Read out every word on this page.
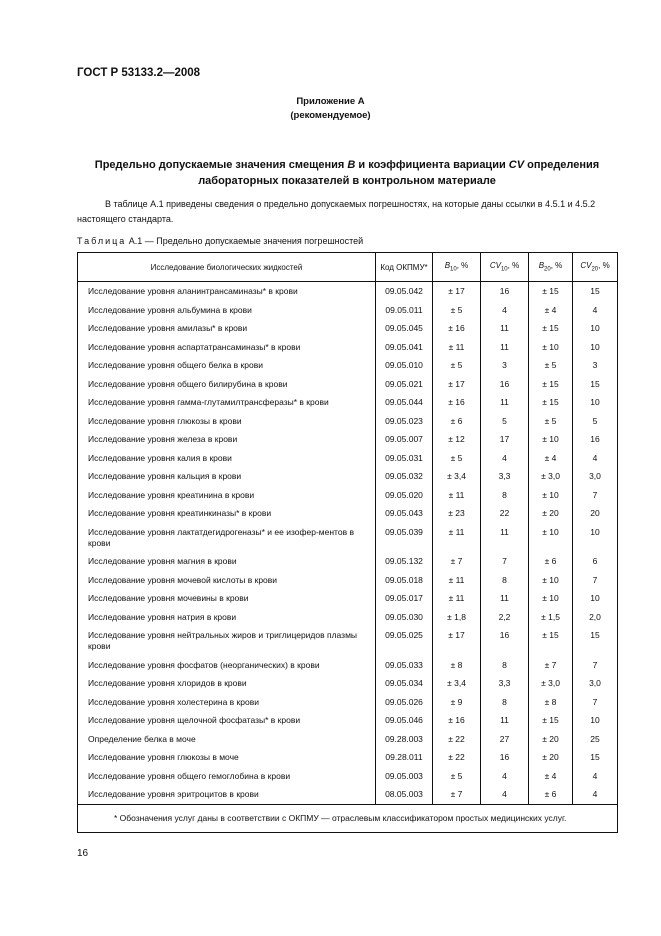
ГОСТ Р 53133.2—2008
Приложение А
(рекомендуемое)
Предельно допускаемые значения смещения B и коэффициента вариации CV определения лабораторных показателей в контрольном материале
В таблице А.1 приведены сведения о предельно допускаемых погрешностях, на которые даны ссылки в 4.5.1 и 4.5.2 настоящего стандарта.
Таблица А.1 — Предельно допускаемые значения погрешностей
Исследование биологических жидкостей	Код ОКПМУ*	$B_{10}$, %	$CV_{10}$, %	$B_{20}$, %	$CV_{20}$, %
Исследование уровня аланинтрансаминазы* в крови	09.05.042	± 17	16	± 15	15
Исследование уровня альбумина в крови	09.05.011	± 5	4	± 4	4
Исследование уровня амилазы* в крови	09.05.045	± 16	11	± 15	10
Исследование уровня аспартатрансаминазы* в крови	09.05.041	± 11	11	± 10	10
Исследование уровня общего белка в крови	09.05.010	± 5	3	± 5	3
Исследование уровня общего билирубина в крови	09.05.021	± 17	16	± 15	15
Исследование уровня гамма-глутамилтрансферазы* в крови	09.05.044	± 16	11	± 15	10
Исследование уровня глюкозы в крови	09.05.023	± 6	5	± 5	5
Исследование уровня железа в крови	09.05.007	± 12	17	± 10	16
Исследование уровня калия в крови	09.05.031	± 5	4	± 4	4
Исследование уровня кальция в крови	09.05.032	± 3,4	3,3	± 3,0	3,0
Исследование уровня креатинина в крови	09.05.020	± 11	8	± 10	7
Исследование уровня креатинкиназы* в крови	09.05.043	± 23	22	± 20	20
Исследование уровня лактатдегидрогеназы* и ее изофер-ментов в крови	09.05.039	± 11	11	± 10	10
Исследование уровня магния в крови	09.05.132	± 7	7	± 6	6
Исследование уровня мочевой кислоты в крови	09.05.018	± 11	8	± 10	7
Исследование уровня мочевины в крови	09.05.017	± 11	11	± 10	10
Исследование уровня натрия в крови	09.05.030	± 1,8	2,2	± 1,5	2,0
Исследование уровня нейтральных жиров и триглицеридов плазмы крови	09.05.025	± 17	16	± 15	15
Исследование уровня фосфатов (неорганических) в крови	09.05.033	± 8	8	± 7	7
Исследование уровня хлоридов в крови	09.05.034	± 3,4	3,3	± 3,0	3,0
Исследование уровня холестерина в крови	09.05.026	± 9	8	± 8	7
Исследование уровня щелочной фосфатазы* в крови	09.05.046	± 16	11	± 15	10
Определение белка в моче	09.28.003	± 22	27	± 20	25
Исследование уровня глюкозы в моче	09.28.011	± 22	16	± 20	15
Исследование уровня общего гемоглобина в крови	09.05.003	± 5	4	± 4	4
Исследование уровня эритроцитов в крови	08.05.003	± 7	4	± 6	4
* Обозначения услуг даны в соответствии с ОКПМУ — отраслевым классификатором простых медицинских услуг.					
16
